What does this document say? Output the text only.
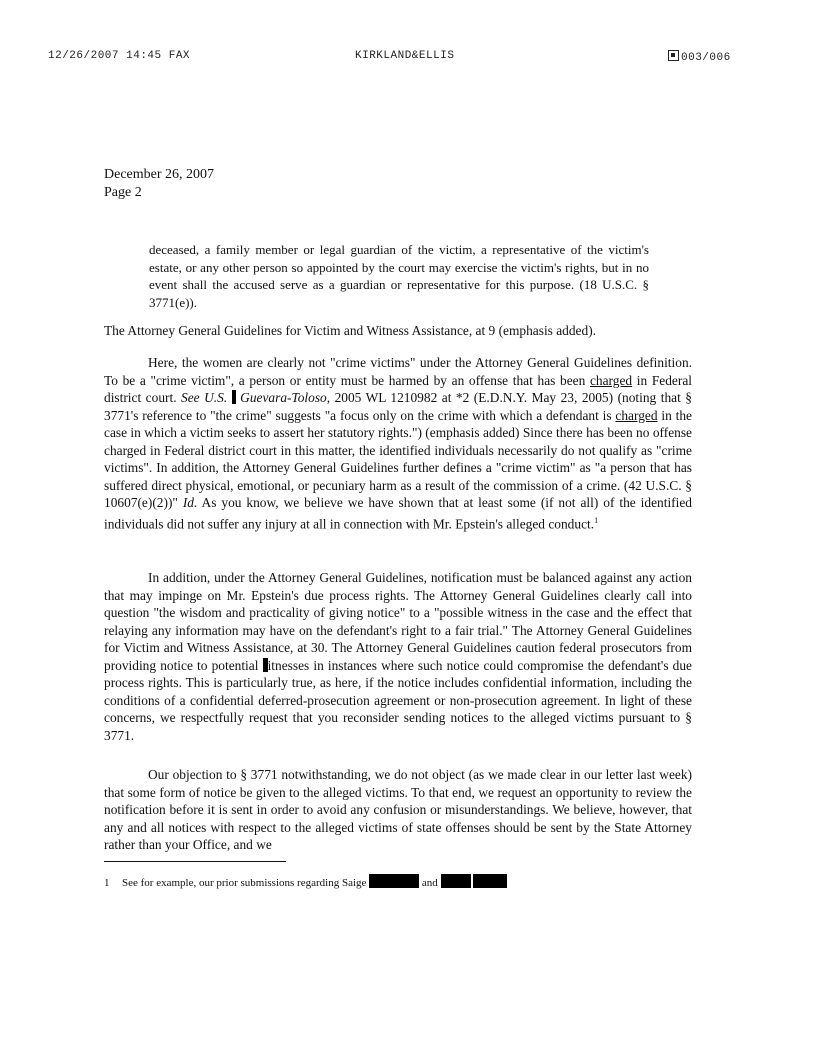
12/26/2007 14:45 FAX	KIRKLAND&ELLIS	003/006
December 26, 2007
Page 2
deceased, a family member or legal guardian of the victim, a representative of the victim's estate, or any other person so appointed by the court may exercise the victim's rights, but in no event shall the accused serve as a guardian or representative for this purpose. (18 U.S.C. § 3771(e)).

The Attorney General Guidelines for Victim and Witness Assistance, at 9 (emphasis added).

Here, the women are clearly not "crime victims" under the Attorney General Guidelines definition. To be a "crime victim", a person or entity must be harmed by an offense that has been charged in Federal district court. See U.S. Guevara-Toloso, 2005 WL 1210982 at *2 (E.D.N.Y. May 23, 2005) (noting that § 3771's reference to "the crime" suggests "a focus only on the crime with which a defendant is charged in the case in which a victim seeks to assert her statutory rights.") (emphasis added) Since there has been no offense charged in Federal district court in this matter, the identified individuals necessarily do not qualify as "crime victims". In addition, the Attorney General Guidelines further defines a "crime victim" as "a person that has suffered direct physical, emotional, or pecuniary harm as a result of the commission of a crime. (42 U.S.C. § 10607(e)(2))" Id. As you know, we believe we have shown that at least some (if not all) of the identified individuals did not suffer any injury at all in connection with Mr. Epstein's alleged conduct.$^1$

In addition, under the Attorney General Guidelines, notification must be balanced against any action that may impinge on Mr. Epstein's due process rights. The Attorney General Guidelines clearly call into question "the wisdom and practicality of giving notice" to a "possible witness in the case and the effect that relaying any information may have on the defendant's right to a fair trial." The Attorney General Guidelines for Victim and Witness Assistance, at 30. The Attorney General Guidelines caution federal prosecutors from providing notice to potential itnesses in instances where such notice could compromise the defendant's due process rights. This is particularly true, as here, if the notice includes confidential information, including the conditions of a confidential deferred-prosecution agreement or non-prosecution agreement. In light of these concerns, we respectfully request that you reconsider sending notices to the alleged victims pursuant to § 3771.

Our objection to § 3771 notwithstanding, we do not object (as we made clear in our letter last week) that some form of notice be given to the alleged victims. To that end, we request an opportunity to review the notification before it is sent in order to avoid any confusion or misunderstandings. We believe, however, that any and all notices with respect to the alleged victims of state offenses should be sent by the State Attorney rather than your Office, and we

1 See for example, our prior submissions regarding Saige	and
